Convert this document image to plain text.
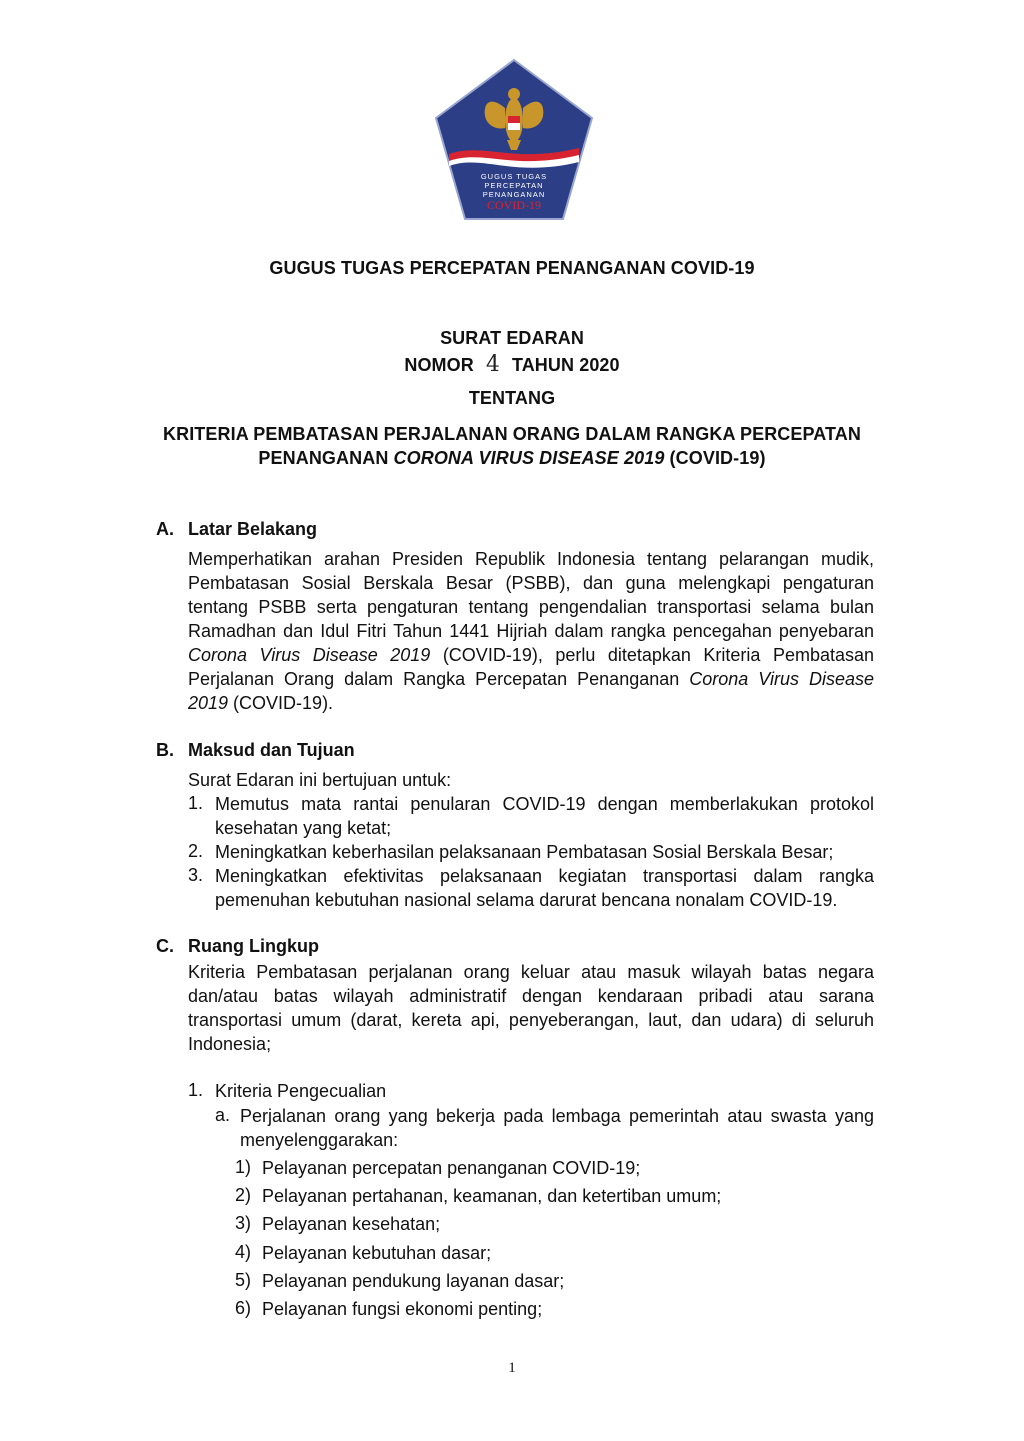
GUGUS TUGAS
PERCEPATAN
PENANGANAN
COVID-19
GUGUS TUGAS PERCEPATAN PENANGANAN COVID-19
SURAT EDARAN
NOMOR 4 TAHUN 2020
TENTANG
KRITERIA PEMBATASAN PERJALANAN ORANG DALAM RANGKA PERCEPATAN
PENANGANAN CORONA VIRUS DISEASE 2019 (COVID-19)
A. Latar Belakang
Memperhatikan arahan Presiden Republik Indonesia tentang pelarangan mudik, Pembatasan Sosial Berskala Besar (PSBB), dan guna melengkapi pengaturan tentang PSBB serta pengaturan tentang pengendalian transportasi selama bulan Ramadhan dan Idul Fitri Tahun 1441 Hijriah dalam rangka pencegahan penyebaran Corona Virus Disease 2019 (COVID-19), perlu ditetapkan Kriteria Pembatasan Perjalanan Orang dalam Rangka Percepatan Penanganan Corona Virus Disease 2019 (COVID-19).
B. Maksud dan Tujuan
Surat Edaran ini bertujuan untuk:
1. Memutus mata rantai penularan COVID-19 dengan memberlakukan protokol kesehatan yang ketat;
2. Meningkatkan keberhasilan pelaksanaan Pembatasan Sosial Berskala Besar;
3. Meningkatkan efektivitas pelaksanaan kegiatan transportasi dalam rangka pemenuhan kebutuhan nasional selama darurat bencana nonalam COVID-19.
C. Ruang Lingkup
Kriteria Pembatasan perjalanan orang keluar atau masuk wilayah batas negara dan/atau batas wilayah administratif dengan kendaraan pribadi atau sarana transportasi umum (darat, kereta api, penyeberangan, laut, dan udara) di seluruh Indonesia;
1. Kriteria Pengecualian
a. Perjalanan orang yang bekerja pada lembaga pemerintah atau swasta yang menyelenggarakan:
1) Pelayanan percepatan penanganan COVID-19;
2) Pelayanan pertahanan, keamanan, dan ketertiban umum;
3) Pelayanan kesehatan;
4) Pelayanan kebutuhan dasar;
5) Pelayanan pendukung layanan dasar;
6) Pelayanan fungsi ekonomi penting;
1
